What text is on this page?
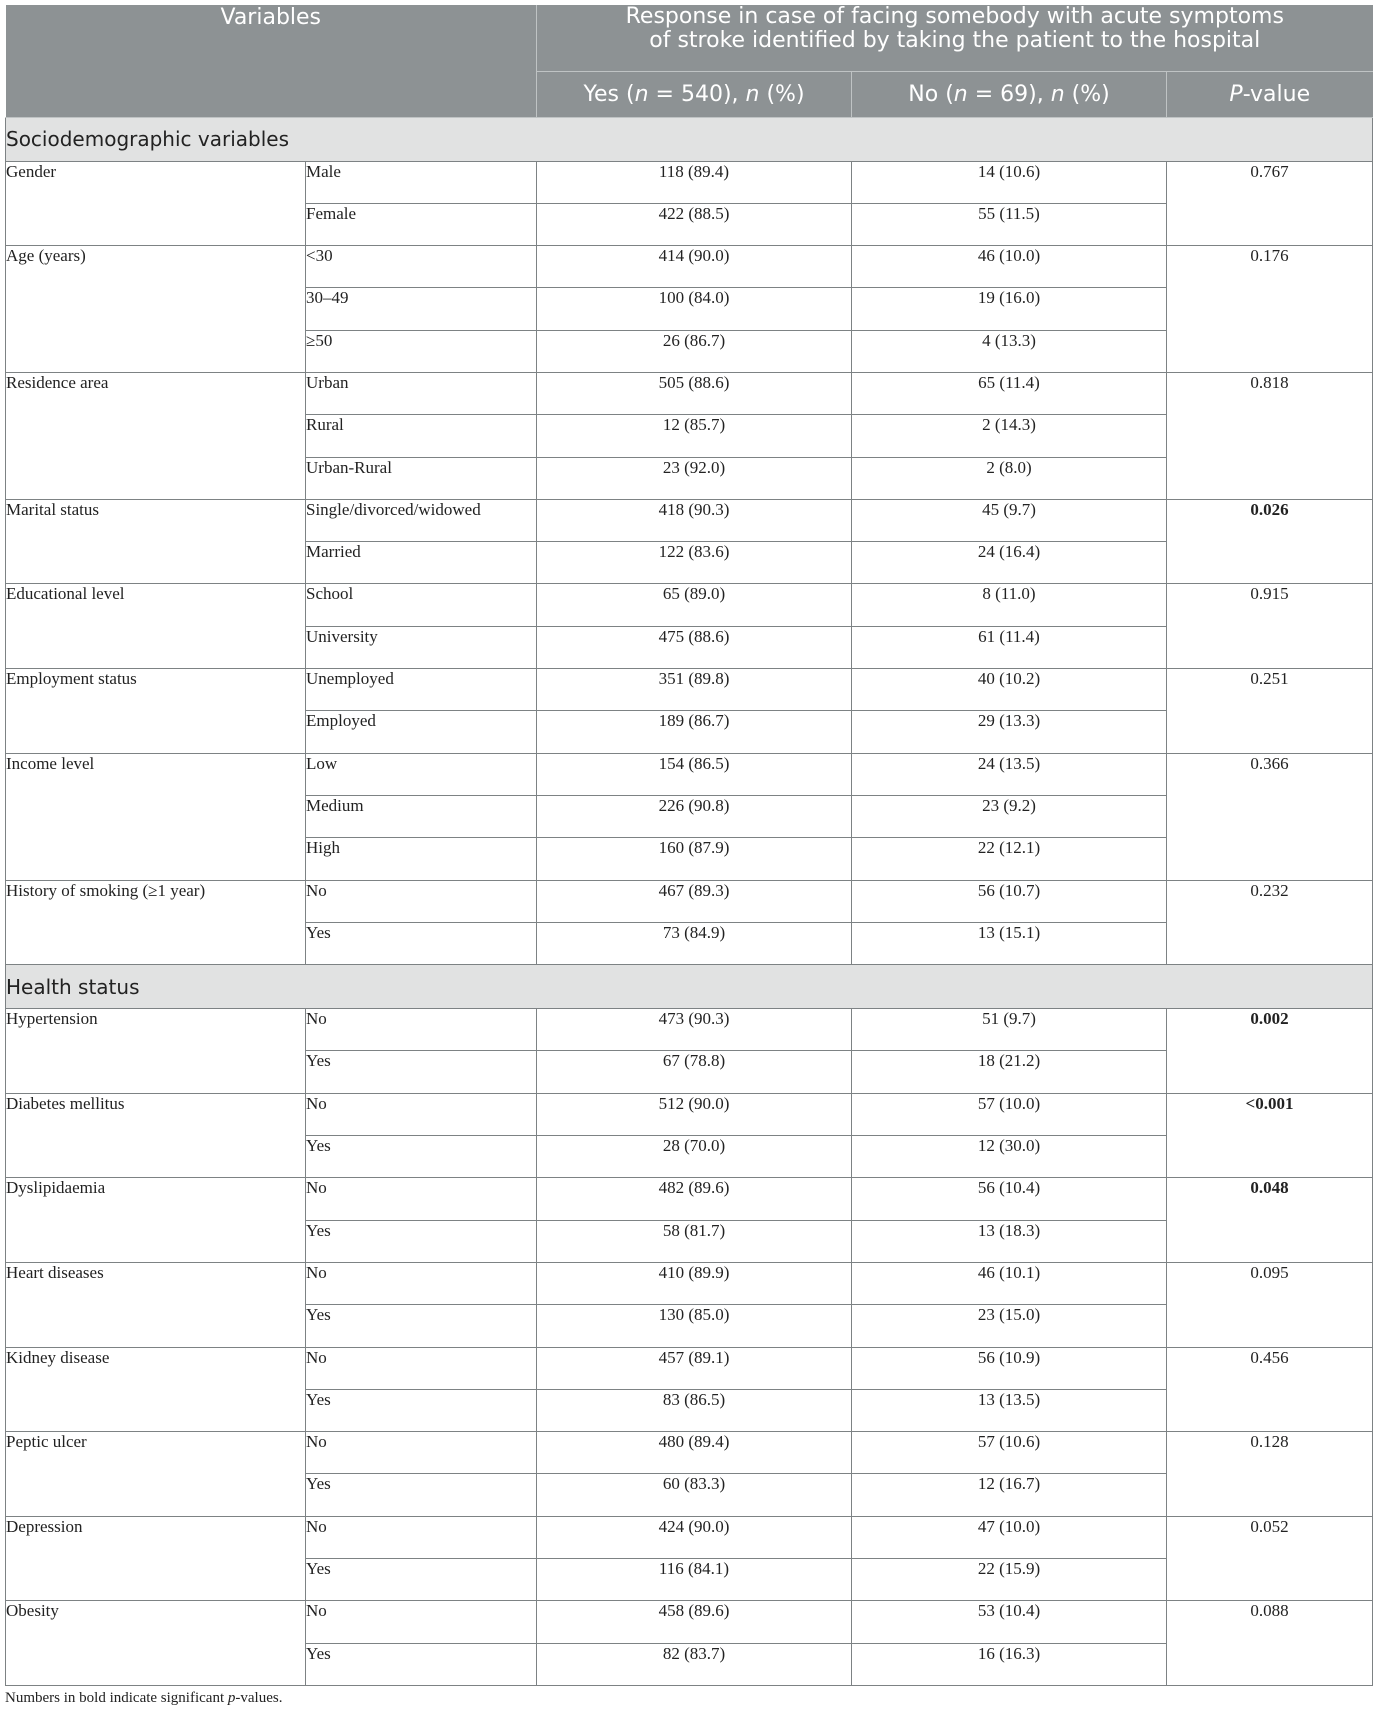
Variables		Response in case of facing somebody with acute symptoms
of stroke identified by taking the patient to the hospital		
		Yes (n = 540), n (%)	No (n = 69), n (%)	P-value
Sociodemographic variables				
Gender	Male	118 (89.4)	14 (10.6)	0.767
	Female	422 (88.5)	55 (11.5)	
Age (years)	<30	414 (90.0)	46 (10.0)	0.176
	30–49	100 (84.0)	19 (16.0)	
	≥50	26 (86.7)	4 (13.3)	
Residence area	Urban	505 (88.6)	65 (11.4)	0.818
	Rural	12 (85.7)	2 (14.3)	
	Urban-Rural	23 (92.0)	2 (8.0)	
Marital status	Single/divorced/widowed	418 (90.3)	45 (9.7)	0.026
	Married	122 (83.6)	24 (16.4)	
Educational level	School	65 (89.0)	8 (11.0)	0.915
	University	475 (88.6)	61 (11.4)	
Employment status	Unemployed	351 (89.8)	40 (10.2)	0.251
	Employed	189 (86.7)	29 (13.3)	
Income level	Low	154 (86.5)	24 (13.5)	0.366
	Medium	226 (90.8)	23 (9.2)	
	High	160 (87.9)	22 (12.1)	
History of smoking (≥1 year)	No	467 (89.3)	56 (10.7)	0.232
	Yes	73 (84.9)	13 (15.1)	
Health status				
Hypertension	No	473 (90.3)	51 (9.7)	0.002
	Yes	67 (78.8)	18 (21.2)	
Diabetes mellitus	No	512 (90.0)	57 (10.0)	<0.001
	Yes	28 (70.0)	12 (30.0)	
Dyslipidaemia	No	482 (89.6)	56 (10.4)	0.048
	Yes	58 (81.7)	13 (18.3)	
Heart diseases	No	410 (89.9)	46 (10.1)	0.095
	Yes	130 (85.0)	23 (15.0)	
Kidney disease	No	457 (89.1)	56 (10.9)	0.456
	Yes	83 (86.5)	13 (13.5)	
Peptic ulcer	No	480 (89.4)	57 (10.6)	0.128
	Yes	60 (83.3)	12 (16.7)	
Depression	No	424 (90.0)	47 (10.0)	0.052
	Yes	116 (84.1)	22 (15.9)	
Obesity	No	458 (89.6)	53 (10.4)	0.088
	Yes	82 (83.7)	16 (16.3)	
Numbers in bold indicate significant p-values.
